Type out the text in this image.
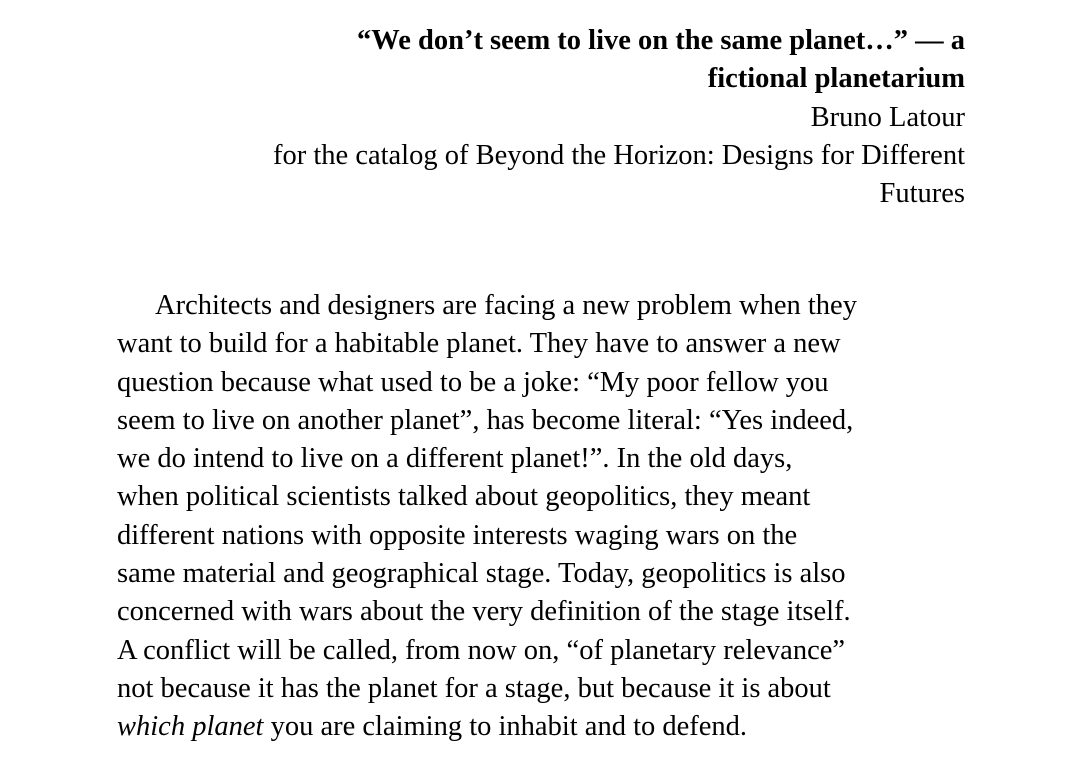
“We don’t seem to live on the same planet…” — a
fictional planetarium
Bruno Latour
for the catalog of Beyond the Horizon: Designs for Different
Futures
Architects and designers are facing a new problem when they
want to build for a habitable planet. They have to answer a new
question because what used to be a joke: “My poor fellow you
seem to live on another planet”, has become literal: “Yes indeed,
we do intend to live on a different planet!”. In the old days,
when political scientists talked about geopolitics, they meant
different nations with opposite interests waging wars on the
same material and geographical stage. Today, geopolitics is also
concerned with wars about the very definition of the stage itself.
A conflict will be called, from now on, “of planetary relevance”
not because it has the planet for a stage, but because it is about
which planet you are claiming to inhabit and to defend.
